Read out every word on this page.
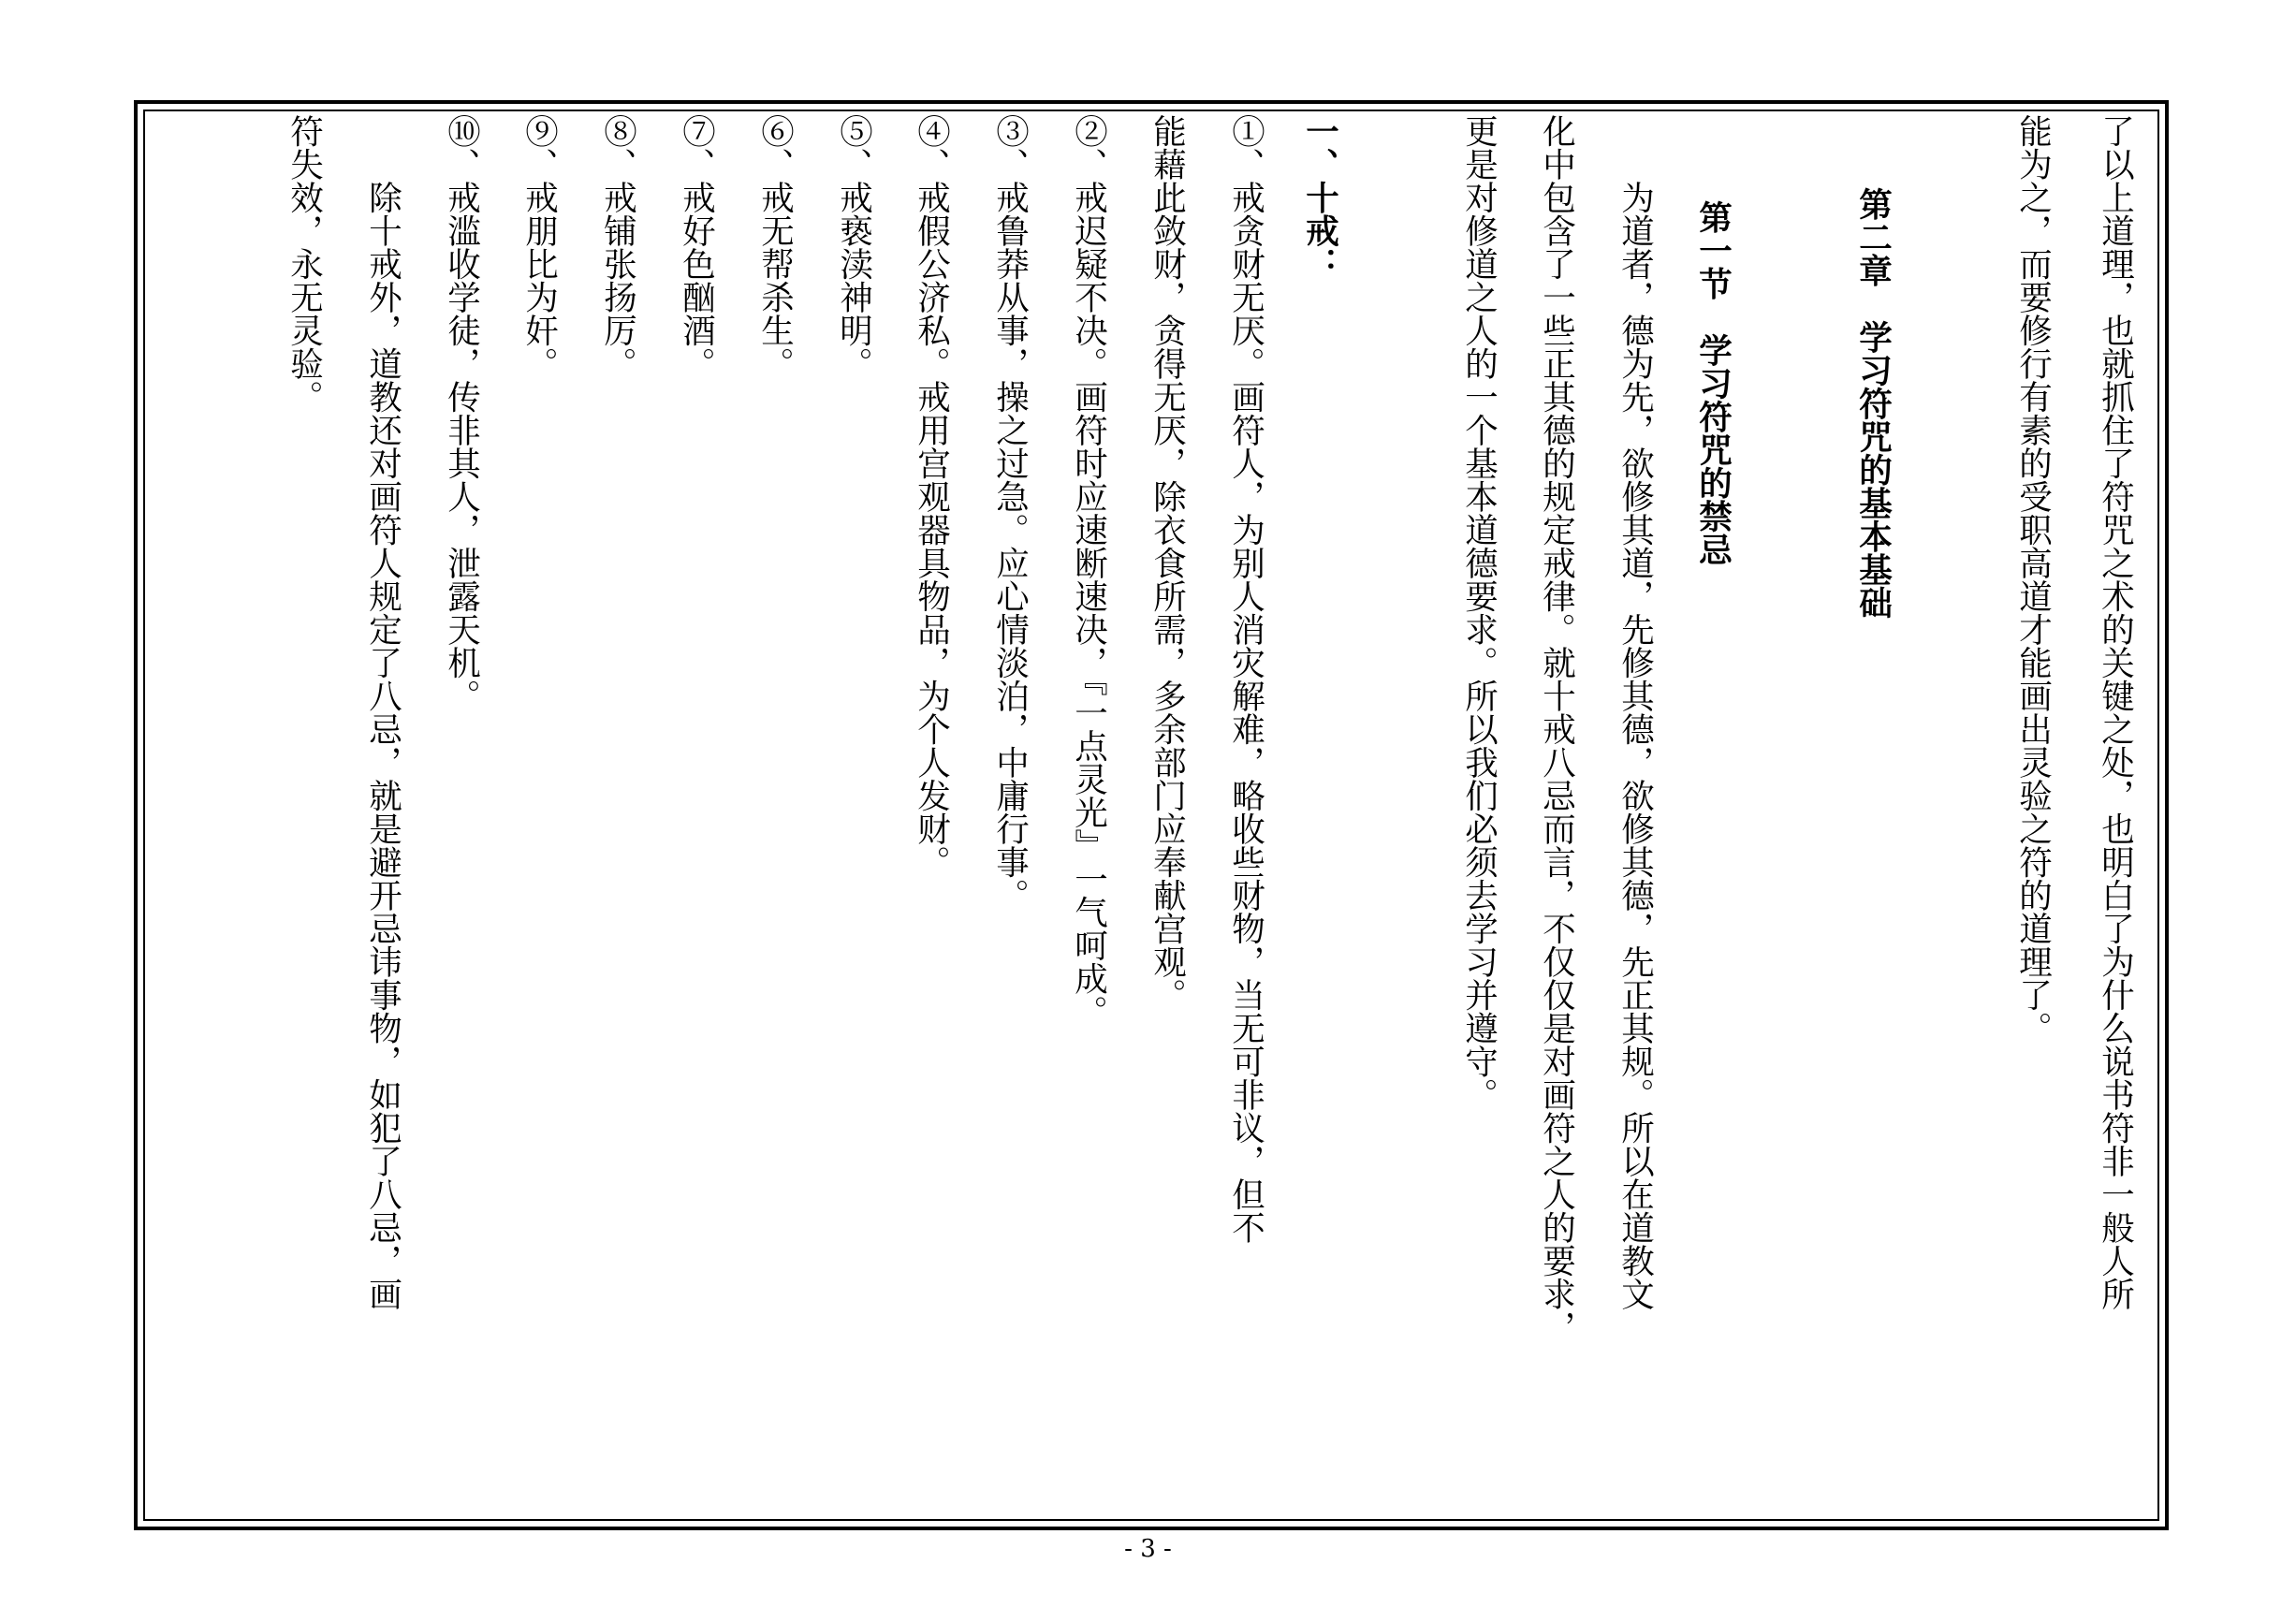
了以上道理，也就抓住了符咒之术的关键之处，也明白了为什么说书符非一般人所
能为之，而要修行有素的受职高道才能画出灵验之符的道理了。
第二章　学习符咒的基本基础
第一节　学习符咒的禁忌
　　为道者，德为先，欲修其道，先修其德，欲修其德，先正其规。所以在道教文
化中包含了一些正其德的规定戒律。就十戒八忌而言，不仅仅是对画符之人的要求，
更是对修道之人的一个基本道德要求。所以我们必须去学习并遵守。
一、十戒：
①、戒贪财无厌。画符人，为别人消灾解难，略收些财物，当无可非议，但不
能藉此敛财，贪得无厌，除衣食所需，多余部门应奉献宫观。
②、戒迟疑不决。画符时应速断速决，『一点灵光』一气呵成。
③、戒鲁莽从事，操之过急。应心情淡泊，中庸行事。
④、戒假公济私。戒用宫观器具物品，为个人发财。
⑤、戒亵渎神明。
⑥、戒无帮杀生。
⑦、戒好色酗酒。
⑧、戒铺张扬厉。
⑨、戒朋比为奸。
⑩、戒滥收学徒，传非其人，泄露天机。
　　除十戒外，道教还对画符人规定了八忌，就是避开忌讳事物，如犯了八忌，画
符失效，永无灵验。
- 3 -
